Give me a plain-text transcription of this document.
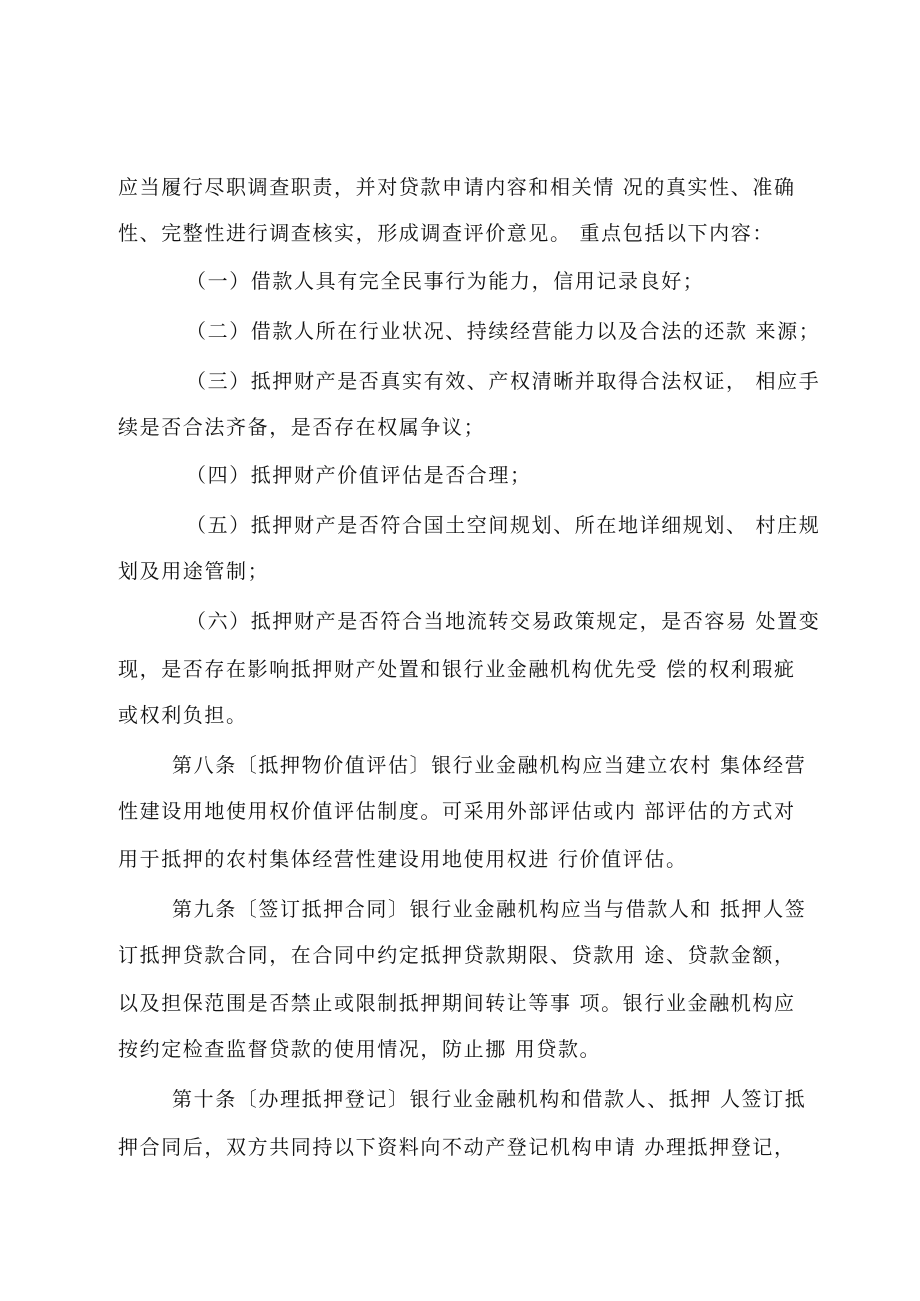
应当履行尽职调查职责，并对贷款申请内容和相关情 况的真实性、准确
性、完整性进行调查核实，形成调查评价意见。 重点包括以下内容：
（一）借款人具有完全民事行为能力，信用记录良好；
（二）借款人所在行业状况、持续经营能力以及合法的还款 来源；
（三）抵押财产是否真实有效、产权清晰并取得合法权证， 相应手
续是否合法齐备，是否存在权属争议；
（四）抵押财产价值评估是否合理；
（五）抵押财产是否符合国土空间规划、所在地详细规划、 村庄规
划及用途管制；
（六）抵押财产是否符合当地流转交易政策规定，是否容易 处置变
现，是否存在影响抵押财产处置和银行业金融机构优先受 偿的权利瑕疵
或权利负担。
第八条〔抵押物价值评估〕银行业金融机构应当建立农村 集体经营
性建设用地使用权价值评估制度。可采用外部评估或内 部评估的方式对
用于抵押的农村集体经营性建设用地使用权进 行价值评估。
第九条〔签订抵押合同〕银行业金融机构应当与借款人和 抵押人签
订抵押贷款合同，在合同中约定抵押贷款期限、贷款用 途、贷款金额，
以及担保范围是否禁止或限制抵押期间转让等事 项。银行业金融机构应
按约定检查监督贷款的使用情况，防止挪 用贷款。
第十条〔办理抵押登记〕银行业金融机构和借款人、抵押 人签订抵
押合同后，双方共同持以下资料向不动产登记机构申请 办理抵押登记，
